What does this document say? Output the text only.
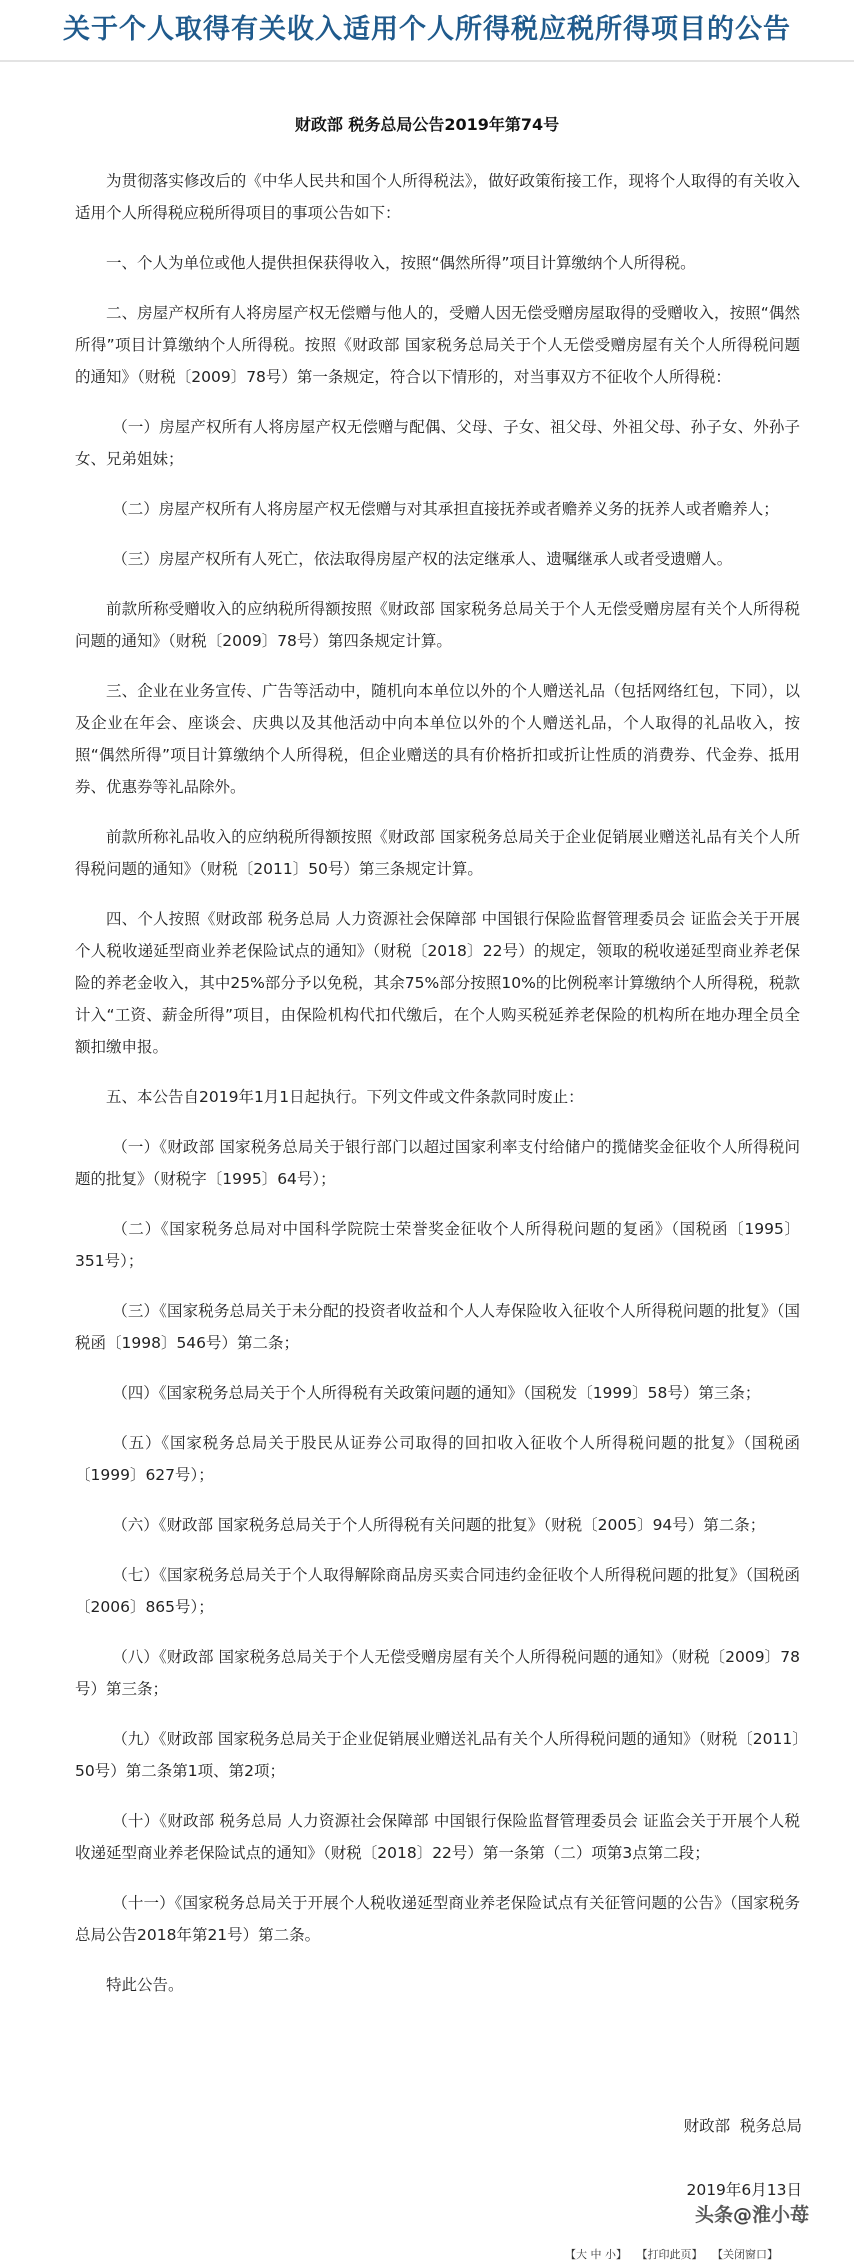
关于个人取得有关收入适用个人所得税应税所得项目的公告
财政部 税务总局公告2019年第74号

为贯彻落实修改后的《中华人民共和国个人所得税法》，做好政策衔接工作，现将个人取得的有关收入适用个人所得税应税所得项目的事项公告如下：

一、个人为单位或他人提供担保获得收入，按照“偶然所得”项目计算缴纳个人所得税。

二、房屋产权所有人将房屋产权无偿赠与他人的，受赠人因无偿受赠房屋取得的受赠收入，按照“偶然所得”项目计算缴纳个人所得税。按照《财政部 国家税务总局关于个人无偿受赠房屋有关个人所得税问题的通知》（财税〔2009〕78号）第一条规定，符合以下情形的，对当事双方不征收个人所得税：

（一）房屋产权所有人将房屋产权无偿赠与配偶、父母、子女、祖父母、外祖父母、孙子女、外孙子女、兄弟姐妹；

（二）房屋产权所有人将房屋产权无偿赠与对其承担直接抚养或者赡养义务的抚养人或者赡养人；

（三）房屋产权所有人死亡，依法取得房屋产权的法定继承人、遗嘱继承人或者受遗赠人。

前款所称受赠收入的应纳税所得额按照《财政部 国家税务总局关于个人无偿受赠房屋有关个人所得税问题的通知》（财税〔2009〕78号）第四条规定计算。

三、企业在业务宣传、广告等活动中，随机向本单位以外的个人赠送礼品（包括网络红包，下同），以及企业在年会、座谈会、庆典以及其他活动中向本单位以外的个人赠送礼品，个人取得的礼品收入，按照“偶然所得”项目计算缴纳个人所得税，但企业赠送的具有价格折扣或折让性质的消费券、代金券、抵用券、优惠券等礼品除外。

前款所称礼品收入的应纳税所得额按照《财政部 国家税务总局关于企业促销展业赠送礼品有关个人所得税问题的通知》（财税〔2011〕50号）第三条规定计算。

四、个人按照《财政部 税务总局 人力资源社会保障部 中国银行保险监督管理委员会 证监会关于开展个人税收递延型商业养老保险试点的通知》（财税〔2018〕22号）的规定，领取的税收递延型商业养老保险的养老金收入，其中25%部分予以免税，其余75%部分按照10%的比例税率计算缴纳个人所得税，税款计入“工资、薪金所得”项目，由保险机构代扣代缴后，在个人购买税延养老保险的机构所在地办理全员全额扣缴申报。

五、本公告自2019年1月1日起执行。下列文件或文件条款同时废止：

（一）《财政部 国家税务总局关于银行部门以超过国家利率支付给储户的揽储奖金征收个人所得税问题的批复》（财税字〔1995〕64号）；

（二）《国家税务总局对中国科学院院士荣誉奖金征收个人所得税问题的复函》（国税函〔1995〕351号）；

（三）《国家税务总局关于未分配的投资者收益和个人人寿保险收入征收个人所得税问题的批复》（国税函〔1998〕546号）第二条；

（四）《国家税务总局关于个人所得税有关政策问题的通知》（国税发〔1999〕58号）第三条；

（五）《国家税务总局关于股民从证券公司取得的回扣收入征收个人所得税问题的批复》（国税函〔1999〕627号）；

（六）《财政部 国家税务总局关于个人所得税有关问题的批复》（财税〔2005〕94号）第二条；

（七）《国家税务总局关于个人取得解除商品房买卖合同违约金征收个人所得税问题的批复》（国税函〔2006〕865号）；

（八）《财政部 国家税务总局关于个人无偿受赠房屋有关个人所得税问题的通知》（财税〔2009〕78号）第三条；

（九）《财政部 国家税务总局关于企业促销展业赠送礼品有关个人所得税问题的通知》（财税〔2011〕50号）第二条第1项、第2项；

（十）《财政部 税务总局 人力资源社会保障部 中国银行保险监督管理委员会 证监会关于开展个人税收递延型商业养老保险试点的通知》（财税〔2018〕22号）第一条第（二）项第3点第二段；

（十一）《国家税务总局关于开展个人税收递延型商业养老保险试点有关征管问题的公告》（国家税务总局公告2018年第21号）第二条。

特此公告。

财政部  税务总局
2019年6月13日
头条@淮小苺
【大 中 小】 【打印此页】 【关闭窗口】
